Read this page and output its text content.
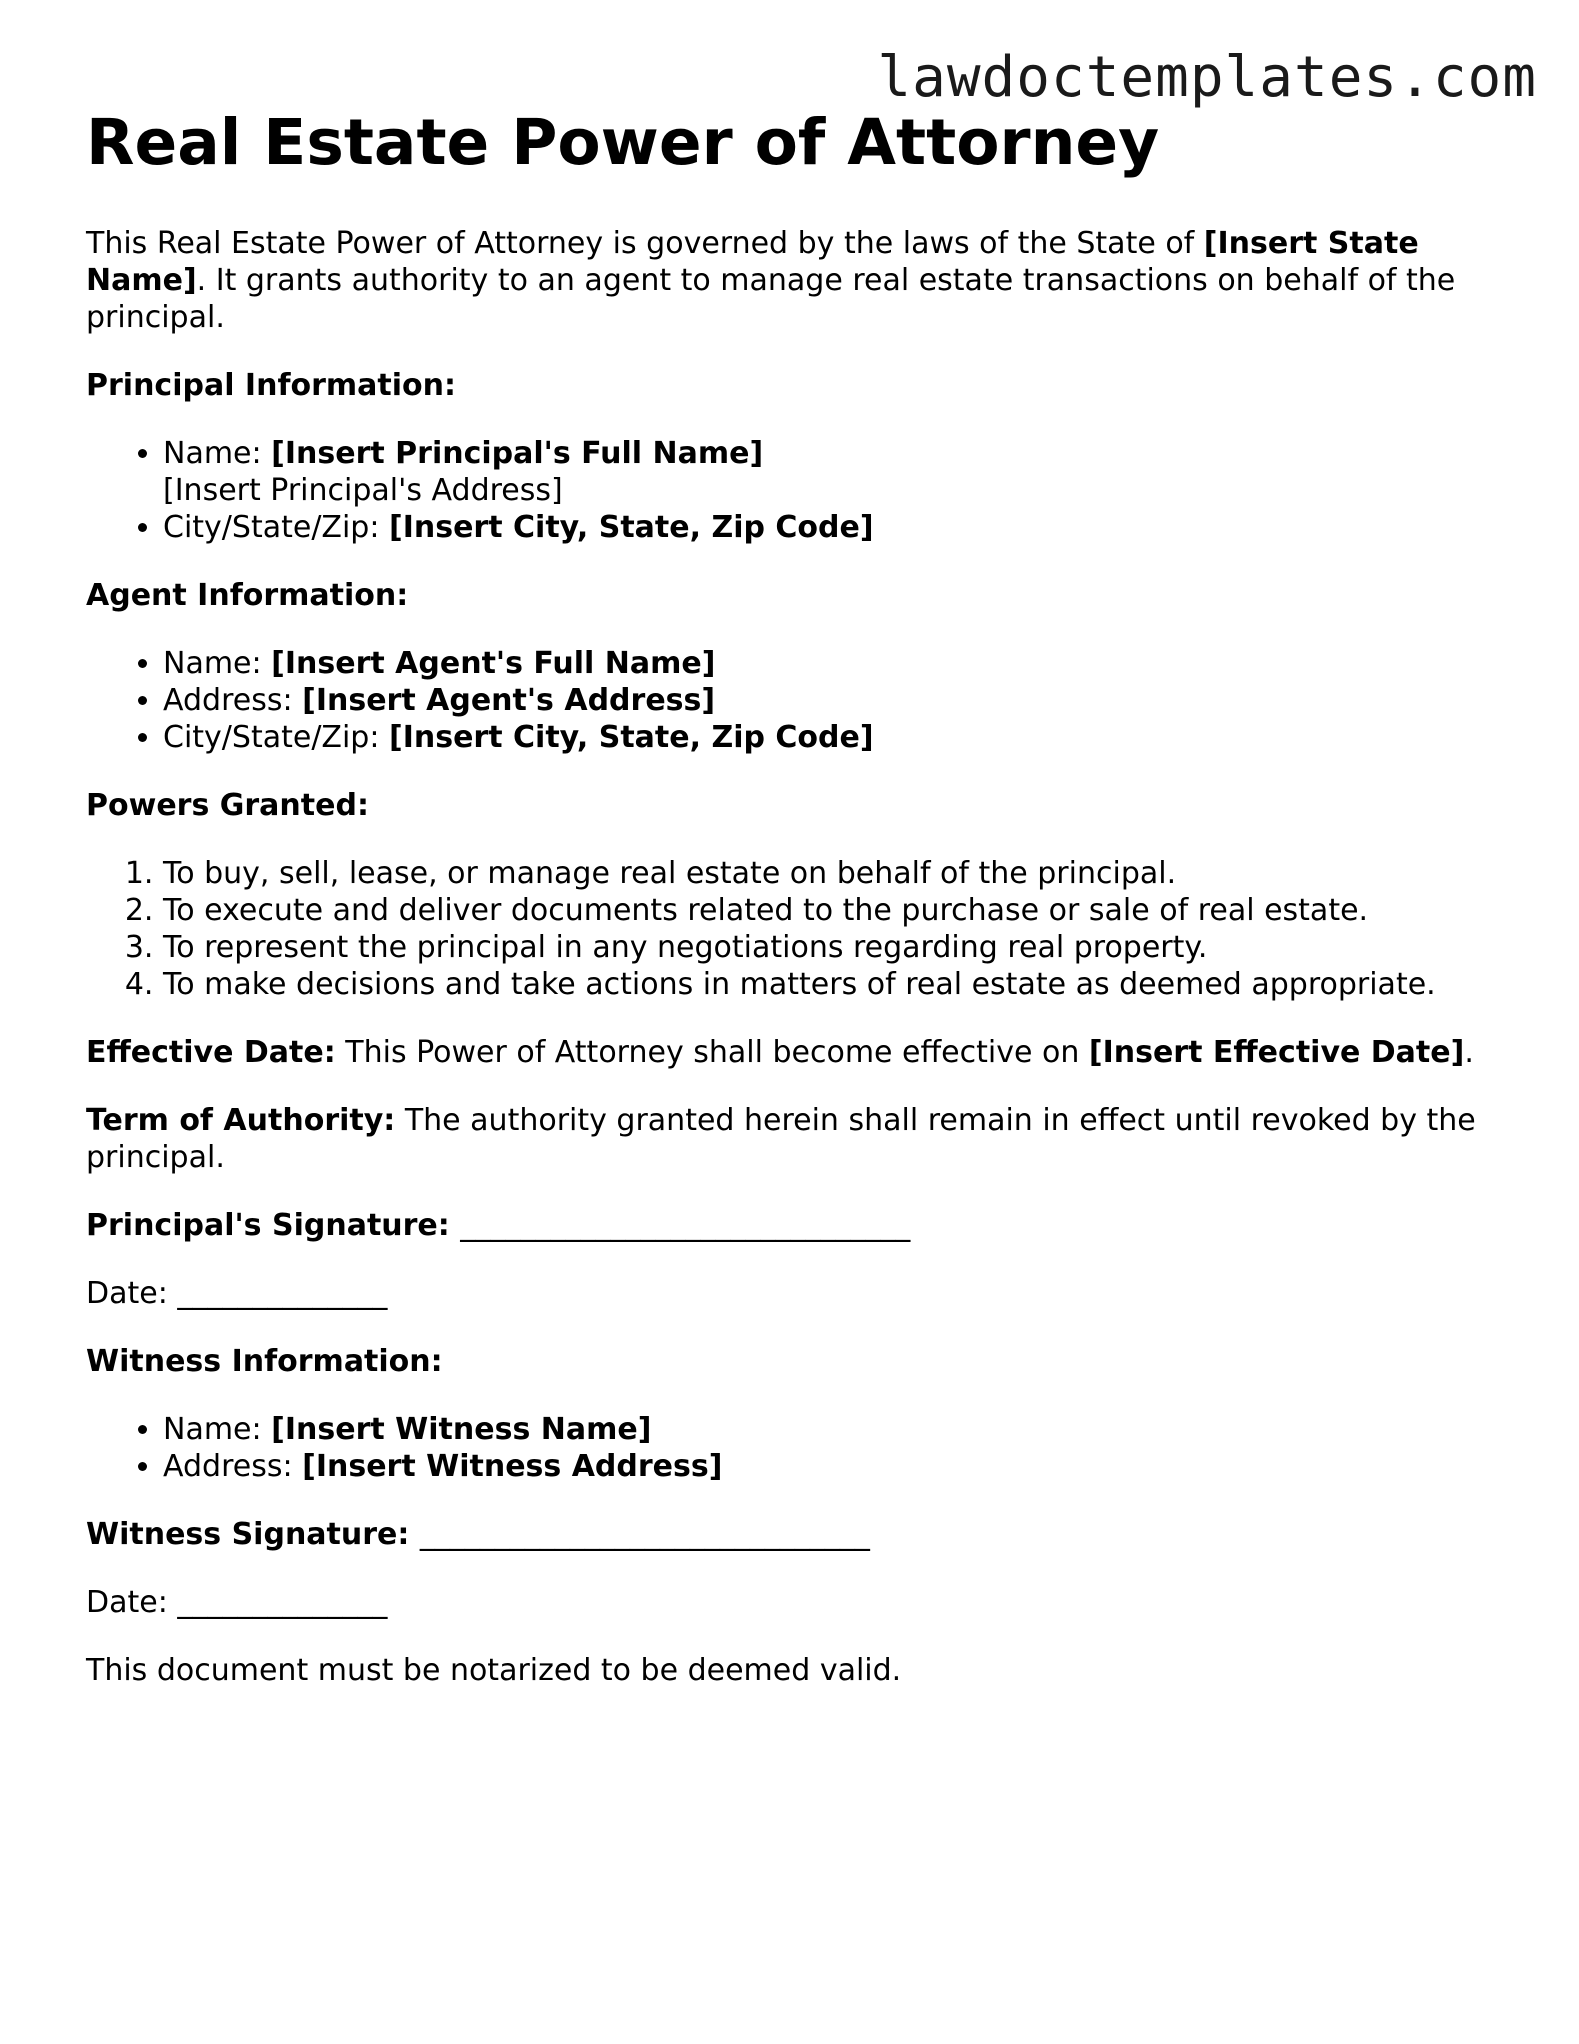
lawdoctemplates.com
Real Estate Power of Attorney

This Real Estate Power of Attorney is governed by the laws of the State of [Insert State Name]. It grants authority to an agent to manage real estate transactions on behalf of the principal.

Principal Information:

• Name: [Insert Principal's Full Name]
[Insert Principal's Address]
• City/State/Zip: [Insert City, State, Zip Code]

Agent Information:

• Name: [Insert Agent's Full Name]
• Address: [Insert Agent's Address]
• City/State/Zip: [Insert City, State, Zip Code]

Powers Granted:

1. To buy, sell, lease, or manage real estate on behalf of the principal.
2. To execute and deliver documents related to the purchase or sale of real estate.
3. To represent the principal in any negotiations regarding real property.
4. To make decisions and take actions in matters of real estate as deemed appropriate.

Effective Date: This Power of Attorney shall become effective on [Insert Effective Date].

Term of Authority: The authority granted herein shall remain in effect until revoked by the principal.

Principal's Signature: ______________________________

Date: ______________

Witness Information:

• Name: [Insert Witness Name]
• Address: [Insert Witness Address]

Witness Signature: ______________________________

Date: ______________

This document must be notarized to be deemed valid.
